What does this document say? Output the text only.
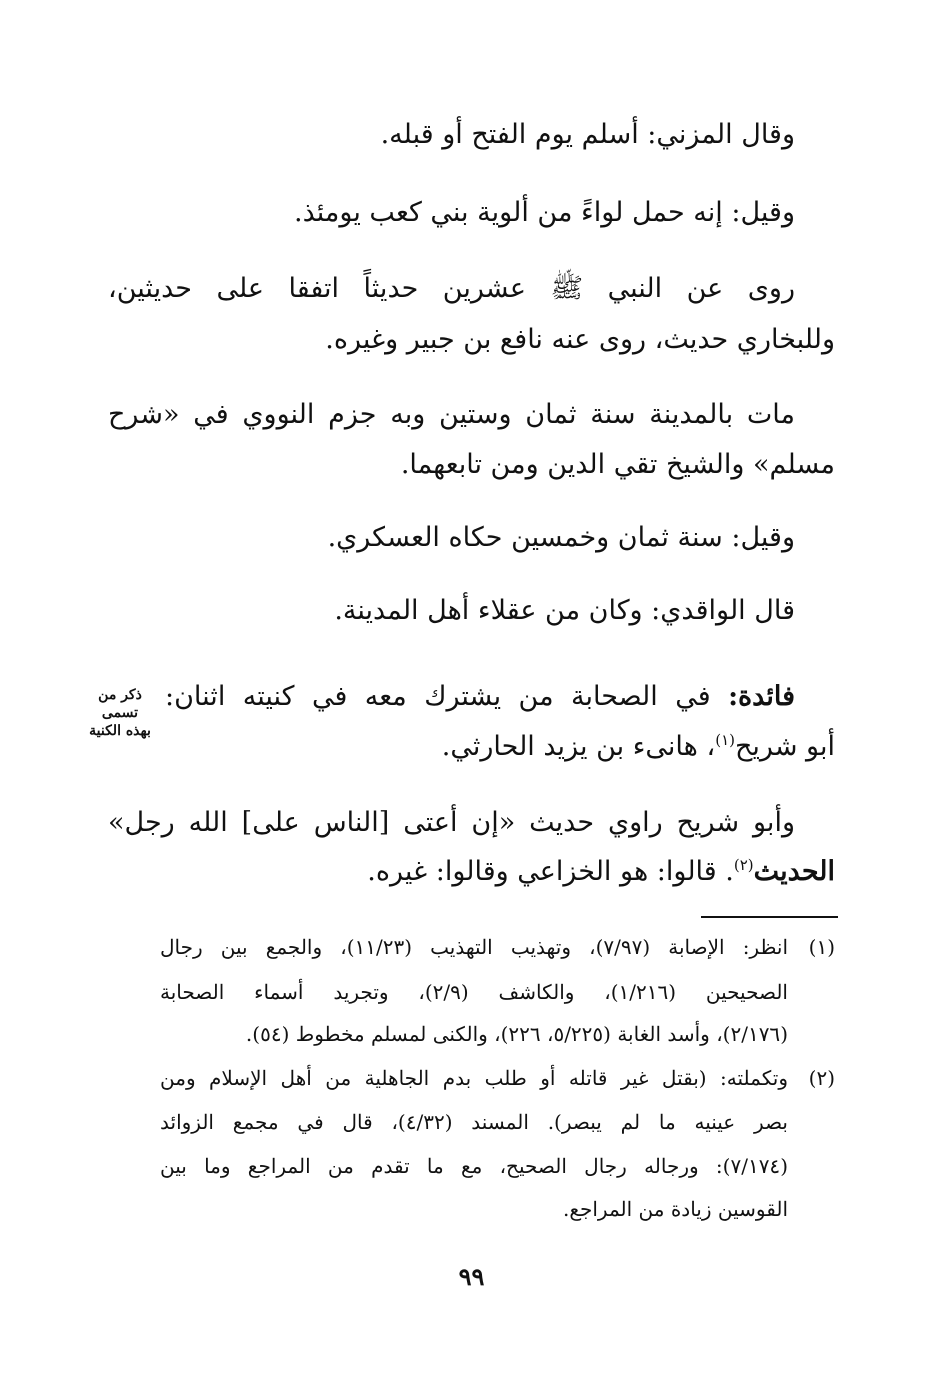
وقال المزني: أسلم يوم الفتح أو قبله.
وقيل: إنه حمل لواءً من ألوية بني كعب يومئذ.
روى عن النبي ﷺ عشرين حديثاً اتفقا على حديثين،
وللبخاري حديث، روى عنه نافع بن جبير وغيره.
مات بالمدينة سنة ثمان وستين وبه جزم النووي في «شرح
مسلم» والشيخ تقي الدين ومن تابعهما.
وقيل: سنة ثمان وخمسين حكاه العسكري.
قال الواقدي: وكان من عقلاء أهل المدينة.
فائدة: في الصحابة من يشترك معه في كنيته اثنان:
ذكر من تسمى
بهذه الكنية	أبو شريح$^{(١)}$، هانىء بن يزيد الحارثي.
وأبو شريح راوي حديث «إن أعتى [الناس على] الله رجل»
الحديث$^{(٢)}$. قالوا: هو الخزاعي وقالوا: غيره.
(١)
انظر: الإصابة (٧/٩٧)، وتهذيب التهذيب (١١/٢٣)، والجمع بين رجال
الصحيحين (١/٢١٦)، والكاشف (٢/٩)، وتجريد أسماء الصحابة
(٢/١٧٦)، وأسد الغابة (٥/٢٢٥، ٢٢٦)، والكنى لمسلم مخطوط (٥٤).
(٢)
وتكملته: (بقتل غير قاتله أو طلب بدم الجاهلية من أهل الإسلام ومن
بصر عينيه ما لم يبصر). المسند (٤/٣٢)، قال في مجمع الزوائد
(٧/١٧٤): ورجاله رجال الصحيح، مع ما تقدم من المراجع وما بين
القوسين زيادة من المراجع.
٩٩
